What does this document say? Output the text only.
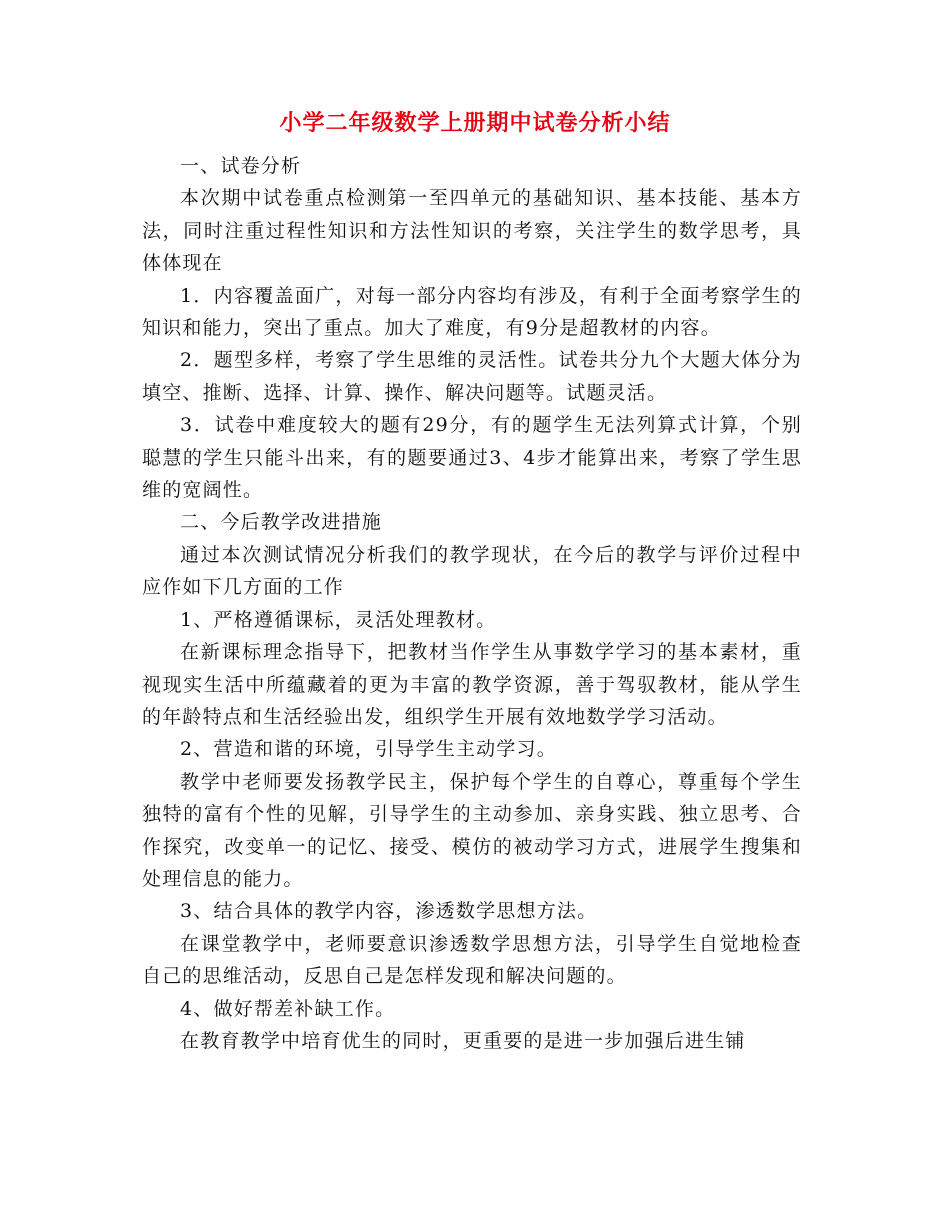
小学二年级数学上册期中试卷分析小结

一、试卷分析

本次期中试卷重点检测第一至四单元的基础知识、基本技能、基本方法，同时注重过程性知识和方法性知识的考察，关注学生的数学思考，具体体现在

1．内容覆盖面广，对每一部分内容均有涉及，有利于全面考察学生的知识和能力，突出了重点。加大了难度，有9分是超教材的内容。

2．题型多样，考察了学生思维的灵活性。试卷共分九个大题大体分为填空、推断、选择、计算、操作、解决问题等。试题灵活。

3．试卷中难度较大的题有29分，有的题学生无法列算式计算，个别聪慧的学生只能斗出来，有的题要通过3、4步才能算出来，考察了学生思维的宽阔性。

二、今后教学改进措施

通过本次测试情况分析我们的教学现状，在今后的教学与评价过程中应作如下几方面的工作

1、严格遵循课标，灵活处理教材。

在新课标理念指导下，把教材当作学生从事数学学习的基本素材，重视现实生活中所蕴藏着的更为丰富的教学资源，善于驾驭教材，能从学生的年龄特点和生活经验出发，组织学生开展有效地数学学习活动。

2、营造和谐的环境，引导学生主动学习。

教学中老师要发扬教学民主，保护每个学生的自尊心，尊重每个学生独特的富有个性的见解，引导学生的主动参加、亲身实践、独立思考、合作探究，改变单一的记忆、接受、模仿的被动学习方式，进展学生搜集和处理信息的能力。

3、结合具体的教学内容，渗透数学思想方法。

在课堂教学中，老师要意识渗透数学思想方法，引导学生自觉地检查自己的思维活动，反思自己是怎样发现和解决问题的。

4、做好帮差补缺工作。

在教育教学中培育优生的同时，更重要的是进一步加强后进生铺
